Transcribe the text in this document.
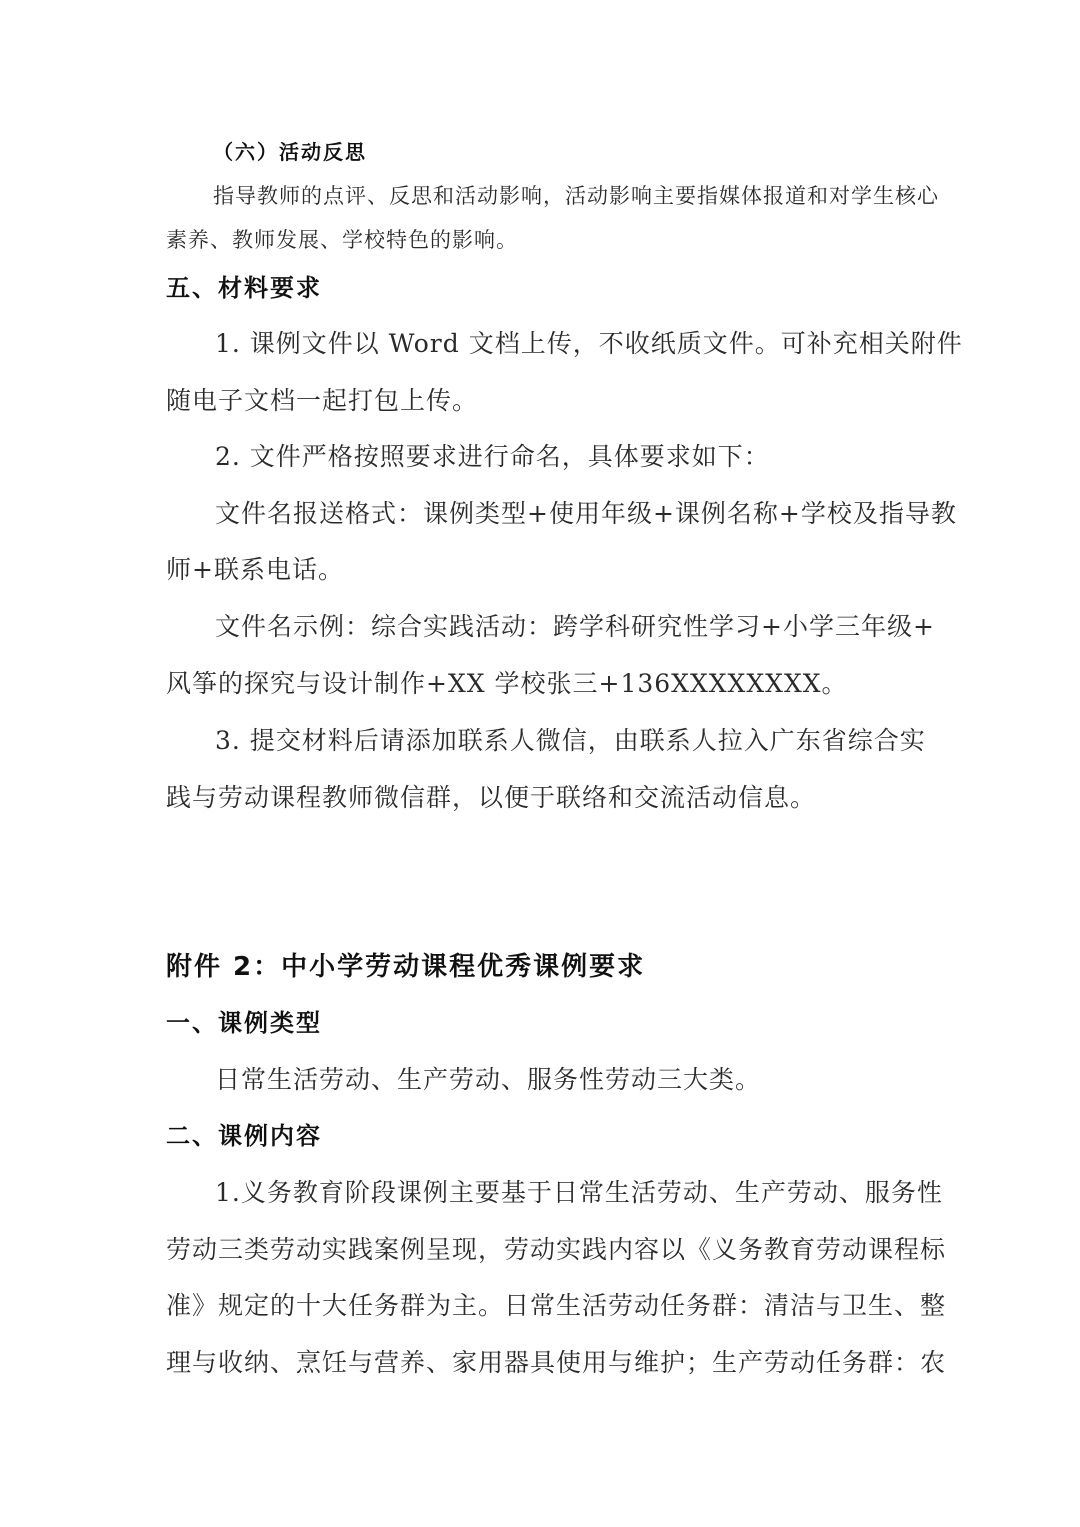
（六）活动反思
指导教师的点评、反思和活动影响，活动影响主要指媒体报道和对学生核心
素养、教师发展、学校特色的影响。
五、材料要求
1. 课例文件以 Word 文档上传，不收纸质文件。可补充相关附件
随电子文档一起打包上传。
2. 文件严格按照要求进行命名，具体要求如下：
文件名报送格式：课例类型+使用年级+课例名称+学校及指导教
师+联系电话。
文件名示例：综合实践活动：跨学科研究性学习+小学三年级+
风筝的探究与设计制作+XX 学校张三+136XXXXXXXX。
3. 提交材料后请添加联系人微信，由联系人拉入广东省综合实
践与劳动课程教师微信群，以便于联络和交流活动信息。
附件 2：中小学劳动课程优秀课例要求
一、课例类型
日常生活劳动、生产劳动、服务性劳动三大类。
二、课例内容
1.义务教育阶段课例主要基于日常生活劳动、生产劳动、服务性
劳动三类劳动实践案例呈现，劳动实践内容以《义务教育劳动课程标
准》规定的十大任务群为主。日常生活劳动任务群：清洁与卫生、整
理与收纳、烹饪与营养、家用器具使用与维护；生产劳动任务群：农
